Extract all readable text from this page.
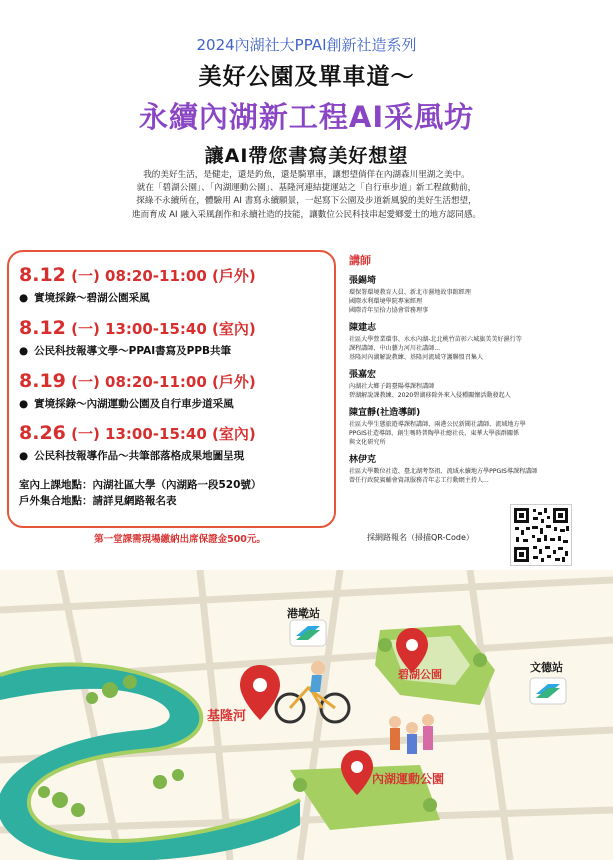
2024內湖社大PPAI創新社造系列
美好公園及單車道～
永續內湖新工程AI采風坊
讓AI帶您書寫美好想望
我的美好生活，是健走，還是釣魚，還是騎單車，讓想望倘佯在內湖森川里湖之美中。
就在「碧湖公園」、「內湖運動公園」、基隆河連結捷運站之「自行車步道」新工程啟動前，
探綠不永續所在，體驗用 AI 書寫永續願景，一起寫下公園及步道新風貌的美好生活想望，
進而育成 AI 融入采風創作和永續社造的技能，讓數位公民科技串起愛鄉愛土的地方認同感。
8.12 (一) 08:20-11:00 (戶外)
● 實境採錄～碧湖公園采風
8.12 (一) 13:00-15:40 (室內)
● 公民科技報導文學～PPAI書寫及PPB共筆
8.19 (一) 08:20-11:00 (戶外)
● 實境採錄～內湖運動公園及自行車步道采風
8.26 (一) 13:00-15:40 (室內)
● 公民科技報導作品～共筆部落格成果地圖呈現
室內上課地點：內湖社區大學（內湖路一段520號）
戶外集合地點：請詳見網路報名表
第一堂課需現場繳納出席保證金500元。
講師
張錫埼
環保署環境教育人員、新北市濕地故事館經理
國際水利環境學院專案經理
國際青年星拾力協會常務理事
陳建志
社區大學營業環事、水水內湖-北北桃竹苗彰六城旗美美好濕行等
課程講師、中山藝力河川社講師...
基隆河內湖解說教練、基隆河流域守護聯盟召集人
張嘉宏
內湖社大鄉子鈞臺陽導課程講師
碧湖解說課教練、2020碧湖移除外來入侵種關懷活動發起人
陳宣靜(社造導師)
社區大學生態旅遊導課程講師、兩港公民新聞社講師、流域地方學
PPGIS社造導師、創生嗎時普陶學社總社長、東華大學族群關係
與文化研究所
林伊克
社區大學數位社造、臺北湖考祭祖、流域永續地方學PPGIS導課程講師
曾任行政院賓輔會資訊服務青年志工行動網主持人...
採網路報名（掃描QR-Code）
港墘站
文德站
碧湖公園
基隆河
內湖運動公園
